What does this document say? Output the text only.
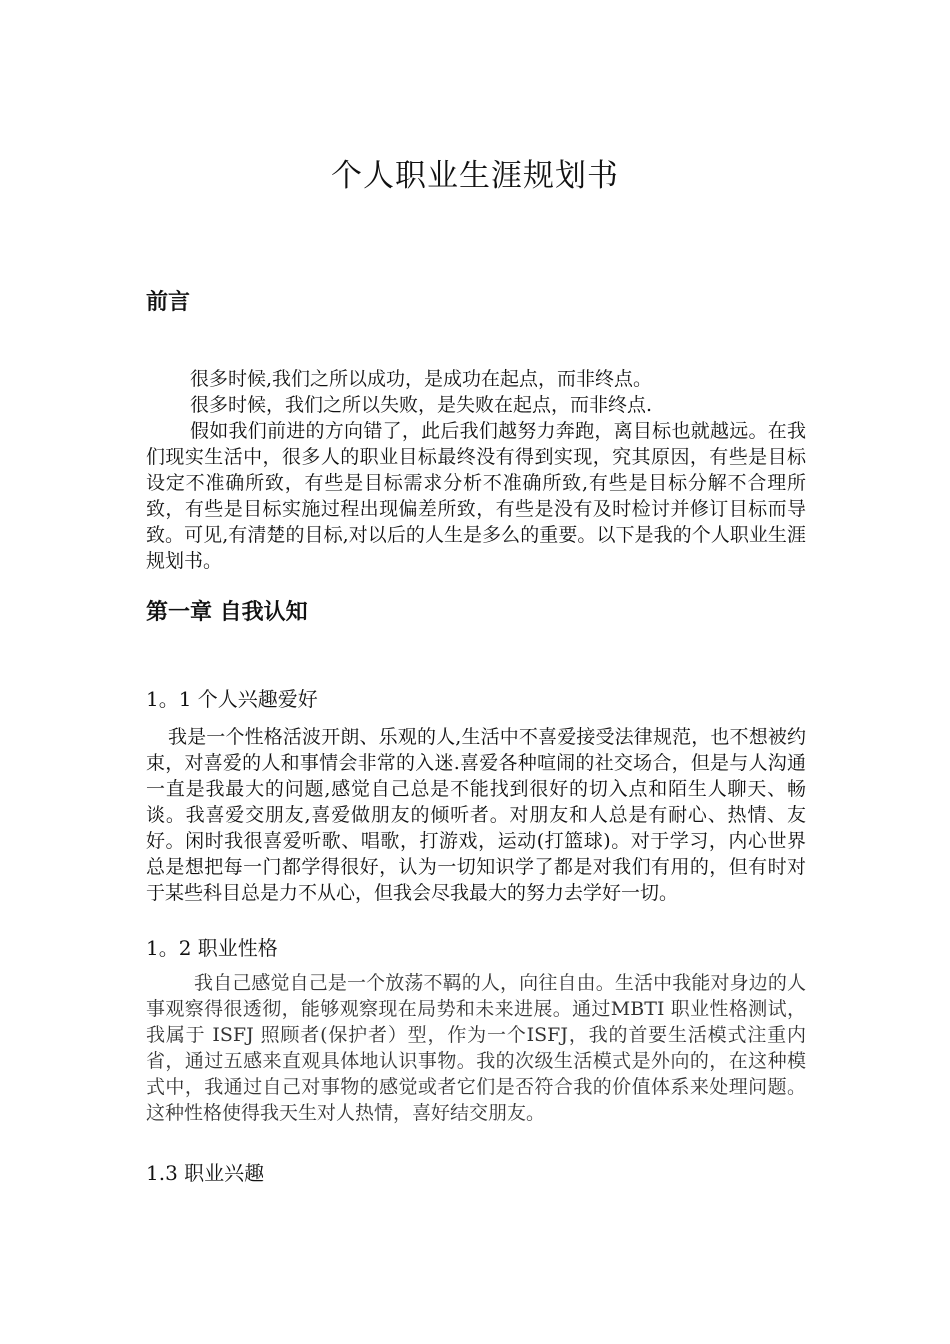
个人职业生涯规划书
前言

很多时候,我们之所以成功，是成功在起点，而非终点。

很多时候，我们之所以失败，是失败在起点，而非终点.

假如我们前进的方向错了，此后我们越努力奔跑，离目标也就越远。在我们现实生活中，很多人的职业目标最终没有得到实现，究其原因，有些是目标设定不准确所致，有些是目标需求分析不准确所致,有些是目标分解不合理所致，有些是目标实施过程出现偏差所致，有些是没有及时检讨并修订目标而导致。可见,有清楚的目标,对以后的人生是多么的重要。以下是我的个人职业生涯规划书。

第一章 自我认知
1。1 个人兴趣爱好

我是一个性格活波开朗、乐观的人,生活中不喜爱接受法律规范，也不想被约束，对喜爱的人和事情会非常的入迷.喜爱各种喧闹的社交场合，但是与人沟通一直是我最大的问题,感觉自己总是不能找到很好的切入点和陌生人聊天、畅谈。我喜爱交朋友,喜爱做朋友的倾听者。对朋友和人总是有耐心、热情、友好。闲时我很喜爱听歌、唱歌，打游戏，运动(打篮球)。对于学习，内心世界总是想把每一门都学得很好，认为一切知识学了都是对我们有用的，但有时对于某些科目总是力不从心，但我会尽我最大的努力去学好一切。

1。2 职业性格

我自己感觉自己是一个放荡不羁的人，向往自由。生活中我能对身边的人事观察得很透彻，能够观察现在局势和未来进展。通过MBTI 职业性格测试，我属于 ISFJ 照顾者(保护者）型，作为一个ISFJ，我的首要生活模式注重内省，通过五感来直观具体地认识事物。我的次级生活模式是外向的，在这种模式中，我通过自己对事物的感觉或者它们是否符合我的价值体系来处理问题。这种性格使得我天生对人热情，喜好结交朋友。

1.3 职业兴趣
